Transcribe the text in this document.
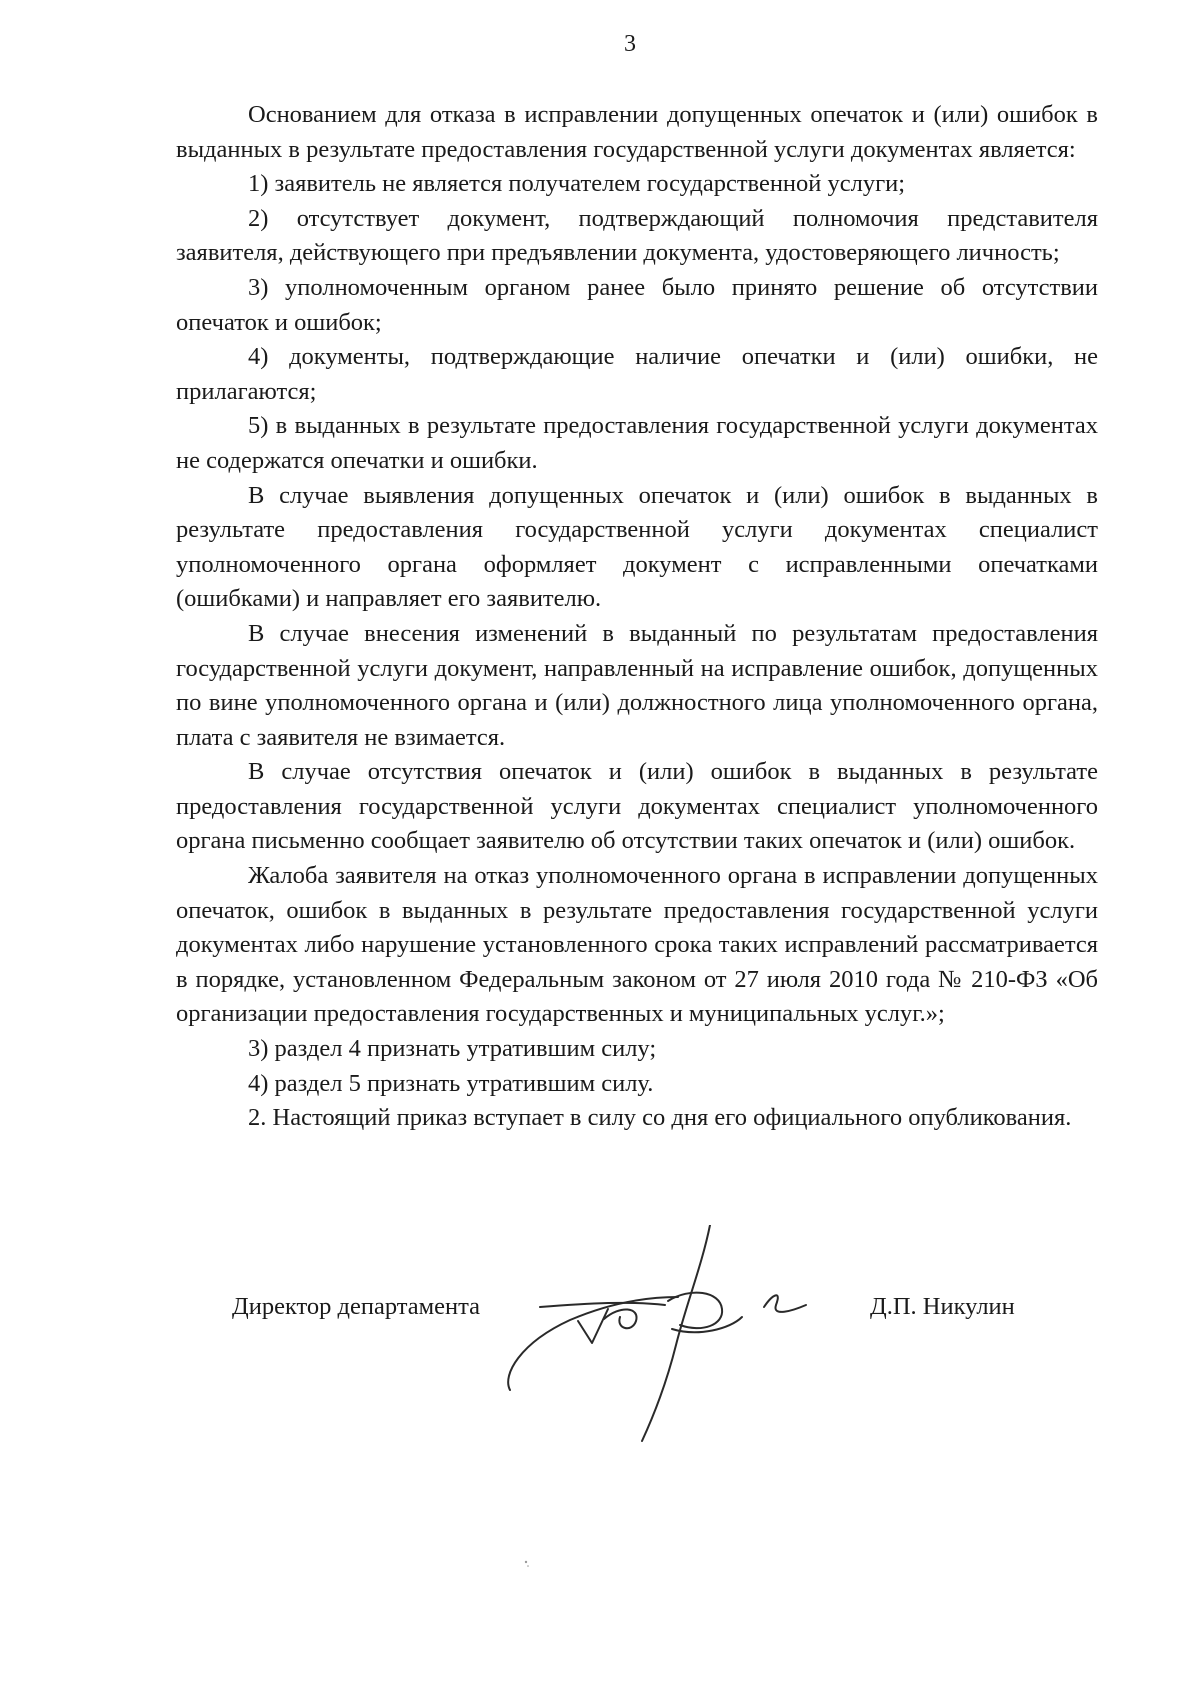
3

Основанием для отказа в исправлении допущенных опечаток и (или) ошибок в выданных в результате предоставления государственной услуги документах является:

1) заявитель не является получателем государственной услуги;

2) отсутствует документ, подтверждающий полномочия представителя заявителя, действующего при предъявлении документа, удостоверяющего личность;

3) уполномоченным органом ранее было принято решение об отсутствии опечаток и ошибок;

4) документы, подтверждающие наличие опечатки и (или) ошибки, не прилагаются;

5) в выданных в результате предоставления государственной услуги документах не содержатся опечатки и ошибки.

В случае выявления допущенных опечаток и (или) ошибок в выданных в результате предоставления государственной услуги документах специалист уполномоченного органа оформляет документ с исправленными опечатками (ошибками) и направляет его заявителю.

В случае внесения изменений в выданный по результатам предоставления государственной услуги документ, направленный на исправление ошибок, допущенных по вине уполномоченного органа и (или) должностного лица уполномоченного органа, плата с заявителя не взимается.

В случае отсутствия опечаток и (или) ошибок в выданных в результате предоставления государственной услуги документах специалист уполномоченного органа письменно сообщает заявителю об отсутствии таких опечаток и (или) ошибок.

Жалоба заявителя на отказ уполномоченного органа в исправлении допущенных опечаток, ошибок в выданных в результате предоставления государственной услуги документах либо нарушение установленного срока таких исправлений рассматривается в порядке, установленном Федеральным законом от 27 июля 2010 года № 210-ФЗ «Об организации предоставления государственных и муниципальных услуг.»;

3) раздел 4 признать утратившим силу;

4) раздел 5 признать утратившим силу.

2. Настоящий приказ вступает в силу со дня его официального опубликования.

Директор департамента	Д.П. Никулин
